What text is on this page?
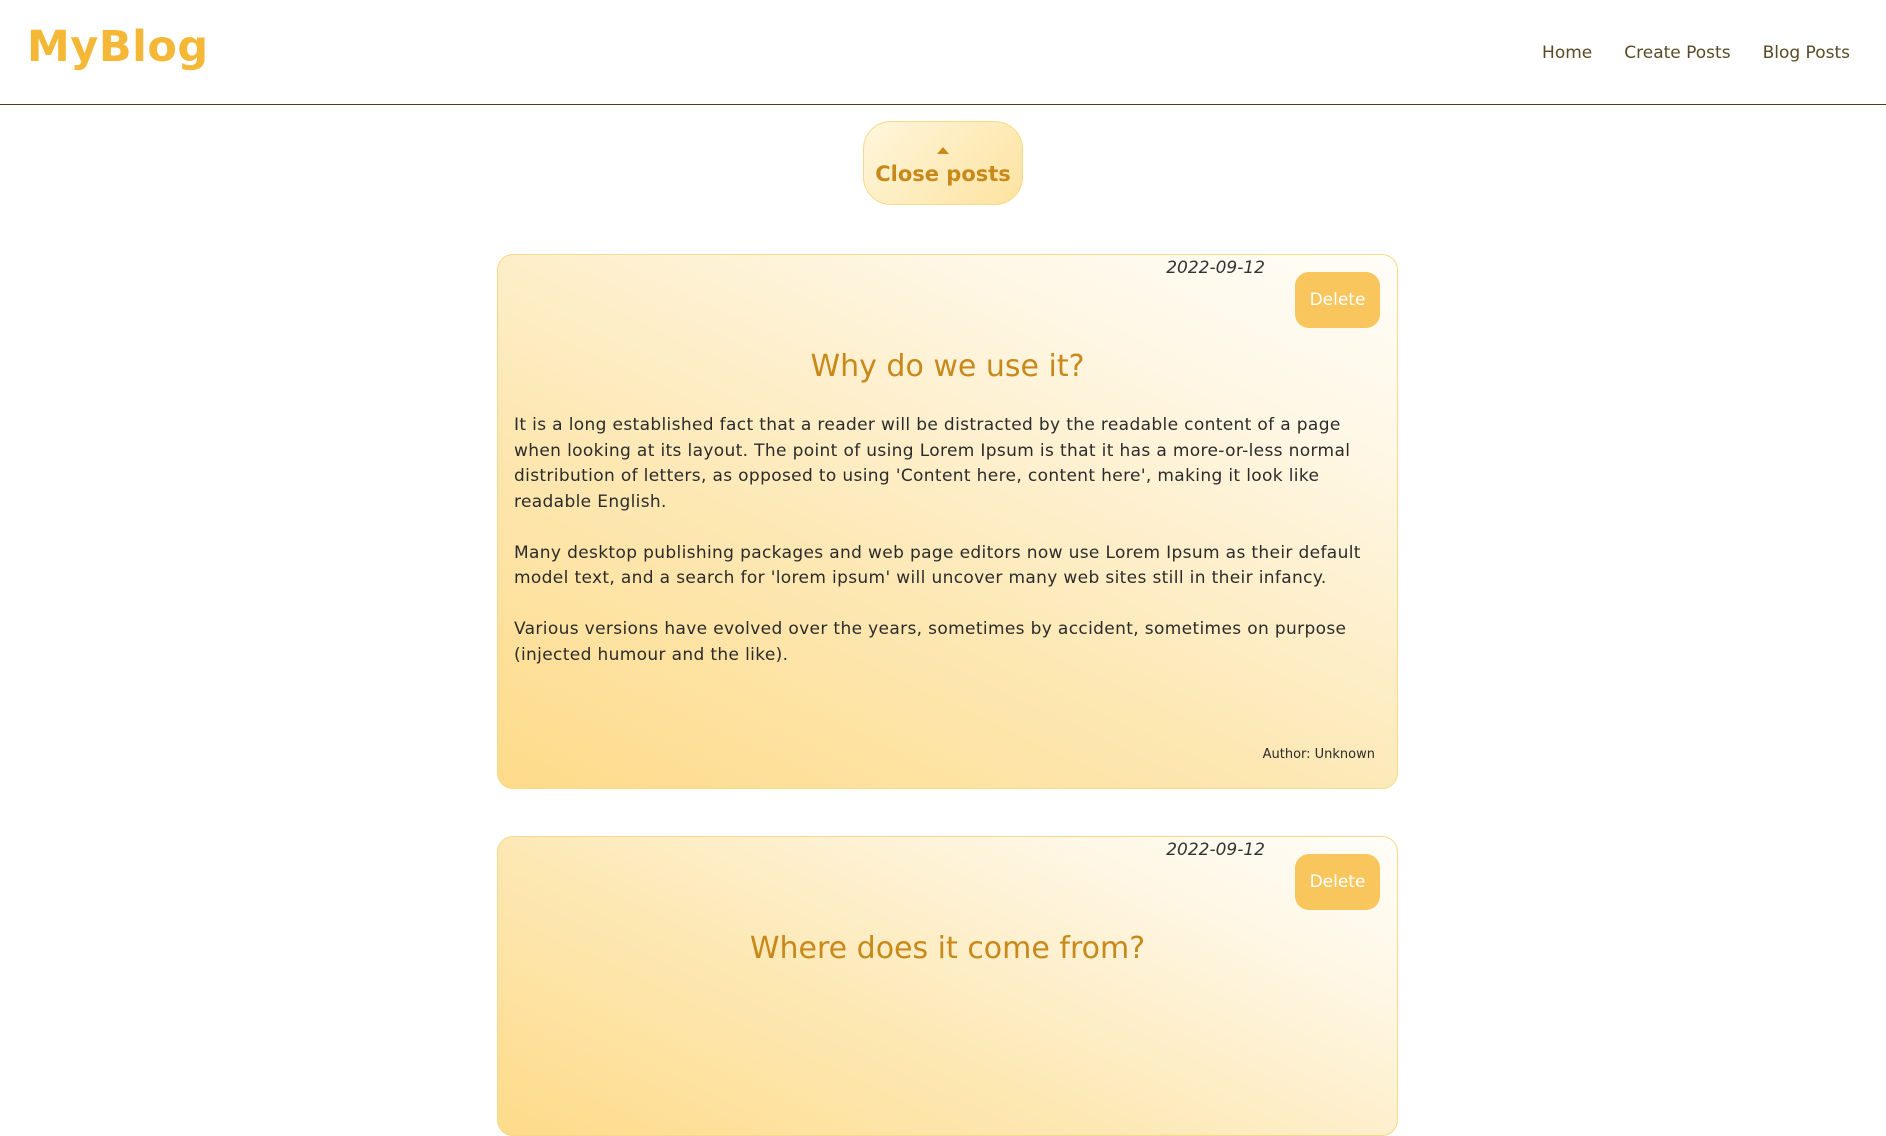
MyBlog	Home Create Posts Blog Posts
Close posts
2022-09-12
Delete
Why do we use it?

It is a long established fact that a reader will be distracted by the readable content of a page when looking at its layout. The point of using Lorem Ipsum is that it has a more-or-less normal distribution of letters, as opposed to using 'Content here, content here', making it look like readable English.

Many desktop publishing packages and web page editors now use Lorem Ipsum as their default model text, and a search for 'lorem ipsum' will uncover many web sites still in their infancy.

Various versions have evolved over the years, sometimes by accident, sometimes on purpose (injected humour and the like).

Author: Unknown
2022-09-12
Delete
Where does it come from?
